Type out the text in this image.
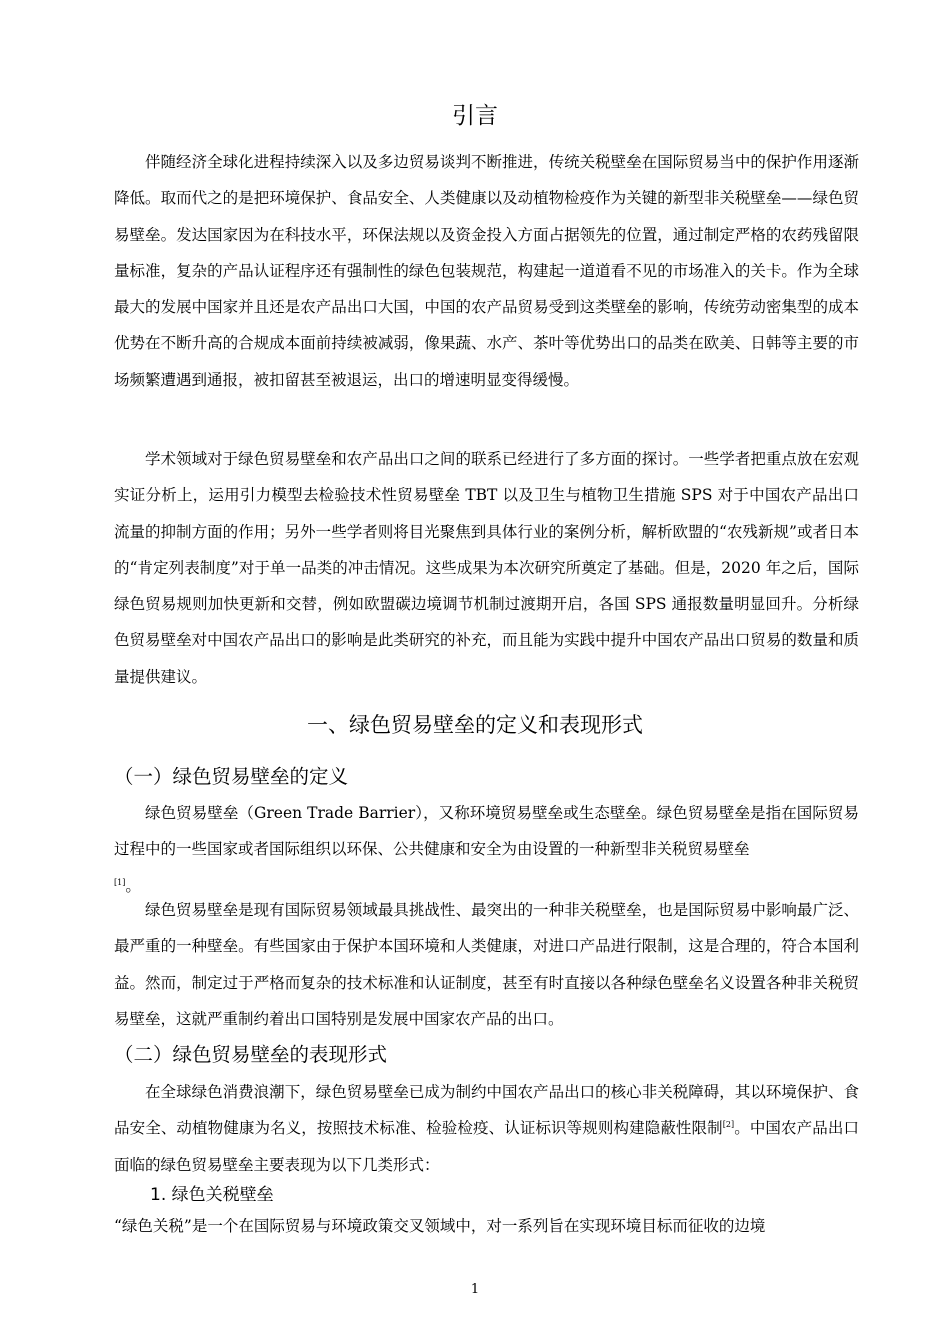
引言

伴随经济全球化进程持续深入以及多边贸易谈判不断推进，传统关税壁垒在国际贸易当中的保护作用逐渐降低。取而代之的是把环境保护、食品安全、人类健康以及动植物检疫作为关键的新型非关税壁垒——绿色贸易壁垒。发达国家因为在科技水平，环保法规以及资金投入方面占据领先的位置，通过制定严格的农药残留限量标准，复杂的产品认证程序还有强制性的绿色包装规范，构建起一道道看不见的市场准入的关卡。作为全球最大的发展中国家并且还是农产品出口大国，中国的农产品贸易受到这类壁垒的影响，传统劳动密集型的成本优势在不断升高的合规成本面前持续被减弱，像果蔬、水产、茶叶等优势出口的品类在欧美、日韩等主要的市场频繁遭遇到通报，被扣留甚至被退运，出口的增速明显变得缓慢。

学术领域对于绿色贸易壁垒和农产品出口之间的联系已经进行了多方面的探讨。一些学者把重点放在宏观实证分析上，运用引力模型去检验技术性贸易壁垒 TBT 以及卫生与植物卫生措施 SPS 对于中国农产品出口流量的抑制方面的作用；另外一些学者则将目光聚焦到具体行业的案例分析，解析欧盟的“农残新规”或者日本的“肯定列表制度”对于单一品类的冲击情况。这些成果为本次研究所奠定了基础。但是，2020 年之后，国际绿色贸易规则加快更新和交替，例如欧盟碳边境调节机制过渡期开启，各国 SPS 通报数量明显回升。分析绿色贸易壁垒对中国农产品出口的影响是此类研究的补充，而且能为实践中提升中国农产品出口贸易的数量和质量提供建议。

一、绿色贸易壁垒的定义和表现形式
（一）绿色贸易壁垒的定义

绿色贸易壁垒（Green Trade Barrier），又称环境贸易壁垒或生态壁垒。绿色贸易壁垒是指在国际贸易过程中的一些国家或者国际组织以环保、公共健康和安全为由设置的一种新型非关税贸易壁垒
[1]。

绿色贸易壁垒是现有国际贸易领域最具挑战性、最突出的一种非关税壁垒，也是国际贸易中影响最广泛、最严重的一种壁垒。有些国家由于保护本国环境和人类健康，对进口产品进行限制，这是合理的，符合本国利益。然而，制定过于严格而复杂的技术标准和认证制度，甚至有时直接以各种绿色壁垒名义设置各种非关税贸易壁垒，这就严重制约着出口国特别是发展中国家农产品的出口。

（二）绿色贸易壁垒的表现形式

在全球绿色消费浪潮下，绿色贸易壁垒已成为制约中国农产品出口的核心非关税障碍，其以环境保护、食品安全、动植物健康为名义，按照技术标准、检验检疫、认证标识等规则构建隐蔽性限制[2]。中国农产品出口面临的绿色贸易壁垒主要表现为以下几类形式：

1. 绿色关税壁垒

“绿色关税”是一个在国际贸易与环境政策交叉领域中，对一系列旨在实现环境目标而征收的边境

1
